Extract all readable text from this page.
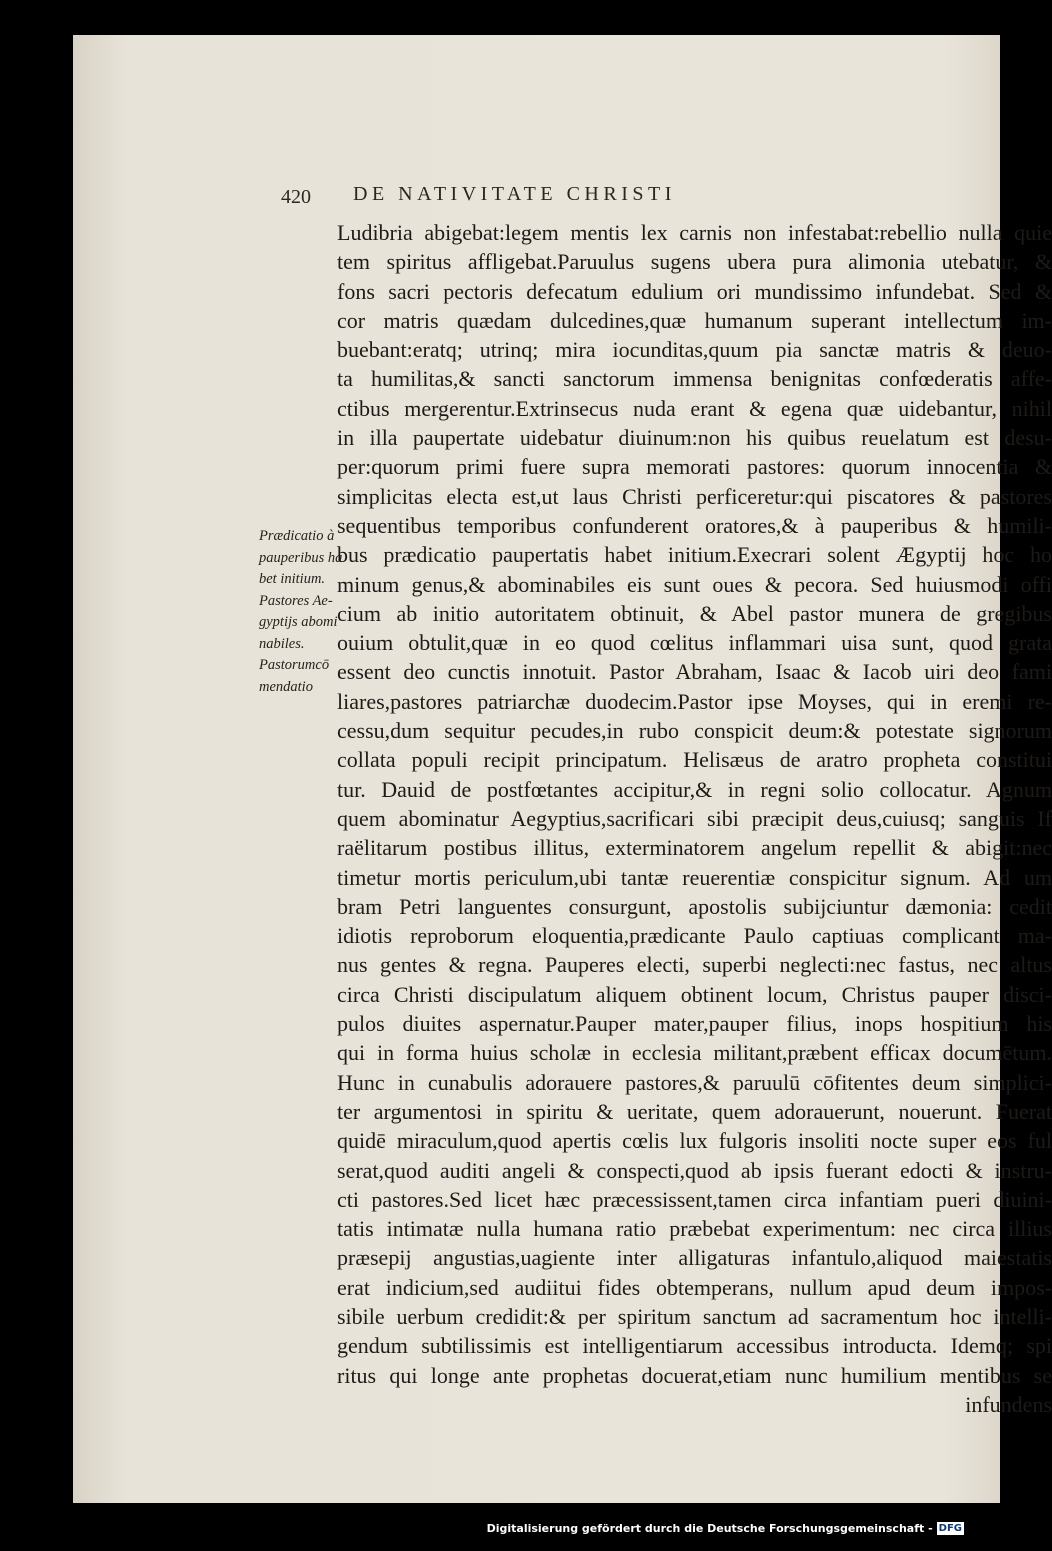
420 DE NATIVITATE CHRISTI
Prædicatio à
pauperibus ha
bet initium.
Pastores Ae-
gyptijs abomi
nabiles.
Pastorumcō
mendatio
Ludibria abigebat:legem mentis lex carnis non infestabat:rebellio nulla quie
tem spiritus affligebat.Paruulus sugens ubera pura alimonia utebatur, &
fons sacri pectoris defecatum edulium ori mundissimo infundebat. Sed &
cor matris quædam dulcedines,quæ humanum superant intellectum im-
buebant:eratq; utrinq; mira iocunditas,quum pia sanctæ matris & deuo-
ta humilitas,& sancti sanctorum immensa benignitas confœderatis affe-
ctibus mergerentur.Extrinsecus nuda erant & egena quæ uidebantur, nihil
in illa paupertate uidebatur diuinum:non his quibus reuelatum est desu-
per:quorum primi fuere supra memorati pastores: quorum innocentia &
simplicitas electa est,ut laus Christi perficeretur:qui piscatores & pastores
sequentibus temporibus confunderent oratores,& à pauperibus & humili-
bus prædicatio paupertatis habet initium.Execrari solent Ægyptij hoc ho
minum genus,& abominabiles eis sunt oues & pecora. Sed huiusmodi offi
cium ab initio autoritatem obtinuit, & Abel pastor munera de gregibus
ouium obtulit,quæ in eo quod cœlitus inflammari uisa sunt, quod grata
essent deo cunctis innotuit. Pastor Abraham, Isaac & Iacob uiri deo fami
liares,pastores patriarchæ duodecim.Pastor ipse Moyses, qui in eremi re-
cessu,dum sequitur pecudes,in rubo conspicit deum:& potestate signorum
collata populi recipit principatum. Helisæus de aratro propheta constitui
tur. Dauid de postfœtantes accipitur,& in regni solio collocatur. Agnum
quem abominatur Aegyptius,sacrificari sibi præcipit deus,cuiusq; sanguis If
raëlitarum postibus illitus, exterminatorem angelum repellit & abigit:nec
timetur mortis periculum,ubi tantæ reuerentiæ conspicitur signum. Ad um
bram Petri languentes consurgunt, apostolis subijciuntur dæmonia: cedit
idiotis reproborum eloquentia,prædicante Paulo captiuas complicant ma-
nus gentes & regna. Pauperes electi, superbi neglecti:nec fastus, nec altus
circa Christi discipulatum aliquem obtinent locum, Christus pauper disci-
pulos diuites aspernatur.Pauper mater,pauper filius, inops hospitium his
qui in forma huius scholæ in ecclesia militant,præbent efficax documētum.
Hunc in cunabulis adorauere pastores,& paruulū cōfitentes deum simplici-
ter argumentosi in spiritu & ueritate, quem adorauerunt, nouerunt. Fuerat
quidē miraculum,quod apertis cœlis lux fulgoris insoliti nocte super eos ful
serat,quod auditi angeli & conspecti,quod ab ipsis fuerant edocti & instru-
cti pastores.Sed licet hæc præcessissent,tamen circa infantiam pueri diuini-
tatis intimatæ nulla humana ratio præbebat experimentum: nec circa illius
præsepij angustias,uagiente inter alligaturas infantulo,aliquod maiestatis
erat indicium,sed audiitui fides obtemperans, nullum apud deum impos-
sibile uerbum credidit:& per spiritum sanctum ad sacramentum hoc intelli-
gendum subtilissimis est intelligentiarum accessibus introducta. Idemq; spi
ritus qui longe ante prophetas docuerat,etiam nunc humilium mentibus se
infundens
Digitalisierung gefördert durch die Deutsche Forschungsgemeinschaft - DFG
